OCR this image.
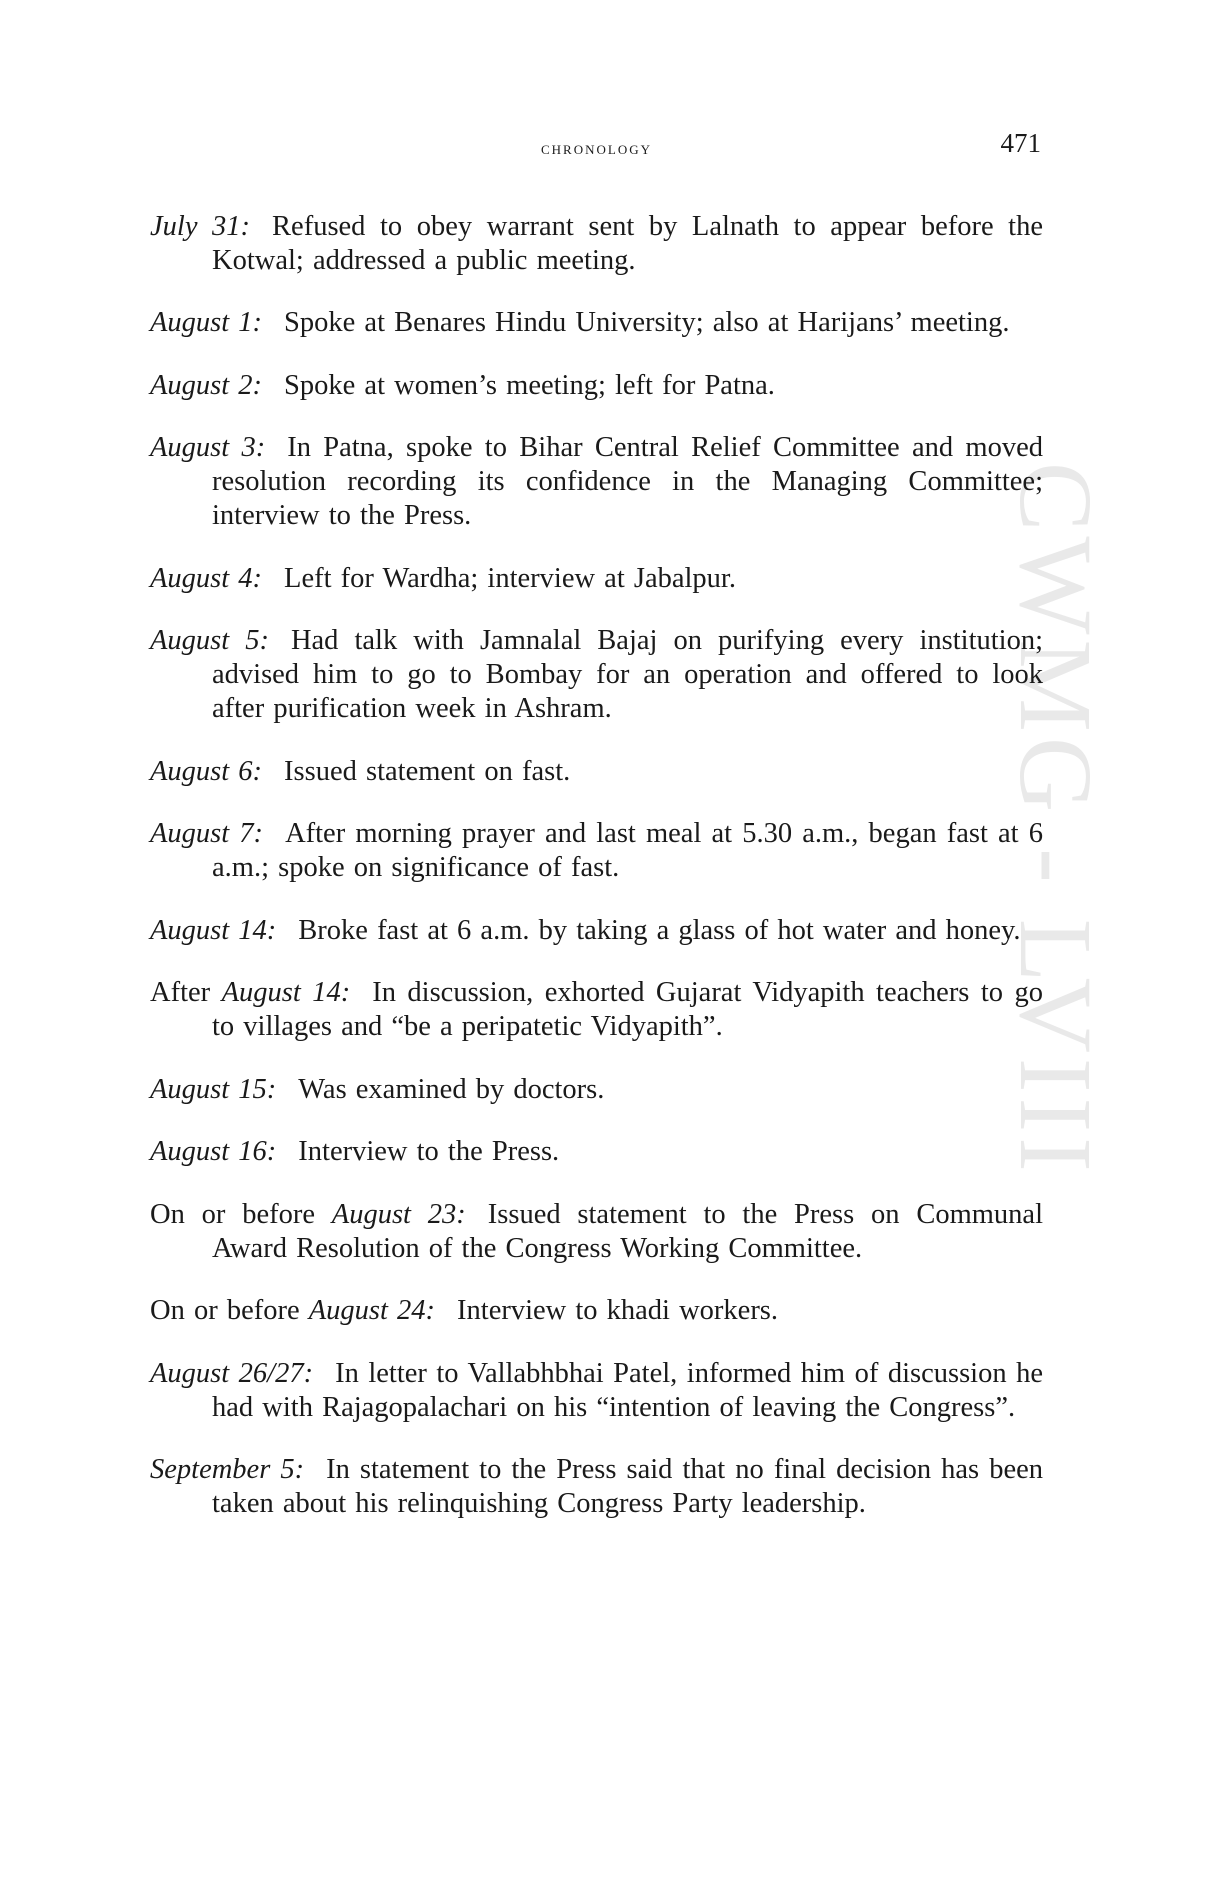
CWMG - LVIII
chronology	471

July 31: Refused to obey warrant sent by Lalnath to appear before the Kotwal; addressed a public meeting.

August 1: Spoke at Benares Hindu University; also at Harijans’ meeting.

August 2: Spoke at women’s meeting; left for Patna.

August 3: In Patna, spoke to Bihar Central Relief Committee and moved resolution recording its confidence in the Managing Committee; interview to the Press.

August 4: Left for Wardha; interview at Jabalpur.

August 5: Had talk with Jamnalal Bajaj on purifying every institution; advised him to go to Bombay for an operation and offered to look after purification week in Ashram.

August 6: Issued statement on fast.

August 7: After morning prayer and last meal at 5.30 a.m., began fast at 6 a.m.; spoke on significance of fast.

August 14: Broke fast at 6 a.m. by taking a glass of hot water and honey.

After August 14: In discussion, exhorted Gujarat Vidyapith teachers to go to villages and “be a peripatetic Vidyapith”.

August 15: Was examined by doctors.

August 16: Interview to the Press.

On or before August 23: Issued statement to the Press on Communal Award Resolution of the Congress Working Committee.

On or before August 24: Interview to khadi workers.

August 26/27: In letter to Vallabhbhai Patel, informed him of discussion he had with Rajagopalachari on his “intention of leaving the Congress”.

September 5: In statement to the Press said that no final decision has been taken about his relinquishing Congress Party leadership.
